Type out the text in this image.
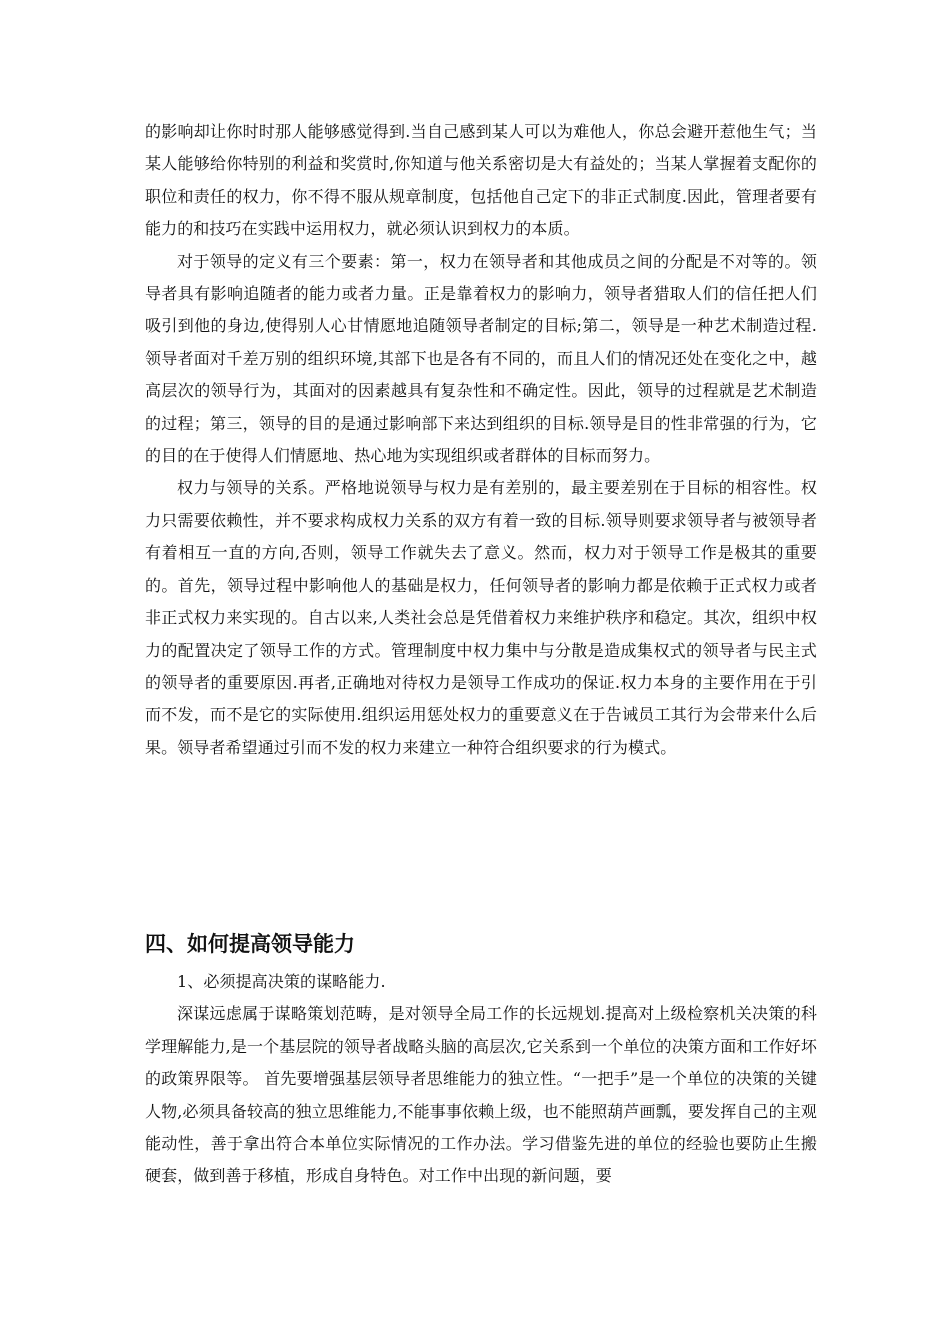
的影响却让你时时那人能够感觉得到.当自己感到某人可以为难他人，你总会避开惹他生气；当某人能够给你特别的利益和奖赏时,你知道与他关系密切是大有益处的；当某人掌握着支配你的职位和责任的权力，你不得不服从规章制度，包括他自己定下的非正式制度.因此，管理者要有能力的和技巧在实践中运用权力，就必须认识到权力的本质。

对于领导的定义有三个要素：第一，权力在领导者和其他成员之间的分配是不对等的。领导者具有影响追随者的能力或者力量。正是靠着权力的影响力，领导者猎取人们的信任把人们吸引到他的身边,使得别人心甘情愿地追随领导者制定的目标;第二，领导是一种艺术制造过程.领导者面对千差万别的组织环境,其部下也是各有不同的，而且人们的情况还处在变化之中，越高层次的领导行为，其面对的因素越具有复杂性和不确定性。因此，领导的过程就是艺术制造的过程；第三，领导的目的是通过影响部下来达到组织的目标.领导是目的性非常强的行为，它的目的在于使得人们情愿地、热心地为实现组织或者群体的目标而努力。

权力与领导的关系。严格地说领导与权力是有差别的，最主要差别在于目标的相容性。权力只需要依赖性，并不要求构成权力关系的双方有着一致的目标.领导则要求领导者与被领导者有着相互一直的方向,否则，领导工作就失去了意义。然而，权力对于领导工作是极其的重要的。首先，领导过程中影响他人的基础是权力，任何领导者的影响力都是依赖于正式权力或者非正式权力来实现的。自古以来,人类社会总是凭借着权力来维护秩序和稳定。其次，组织中权力的配置决定了领导工作的方式。管理制度中权力集中与分散是造成集权式的领导者与民主式的领导者的重要原因.再者,正确地对待权力是领导工作成功的保证.权力本身的主要作用在于引而不发，而不是它的实际使用.组织运用惩处权力的重要意义在于告诫员工其行为会带来什么后果。领导者希望通过引而不发的权力来建立一种符合组织要求的行为模式。

四、如何提高领导能力

1、必须提高决策的谋略能力.

深谋远虑属于谋略策划范畴，是对领导全局工作的长远规划.提高对上级检察机关决策的科学理解能力,是一个基层院的领导者战略头脑的高层次,它关系到一个单位的决策方面和工作好坏的政策界限等。 首先要增强基层领导者思维能力的独立性。“一把手”是一个单位的决策的关键人物,必须具备较高的独立思维能力,不能事事依赖上级，也不能照葫芦画瓢，要发挥自己的主观能动性，善于拿出符合本单位实际情况的工作办法。学习借鉴先进的单位的经验也要防止生搬硬套，做到善于移植，形成自身特色。对工作中出现的新问题，要
